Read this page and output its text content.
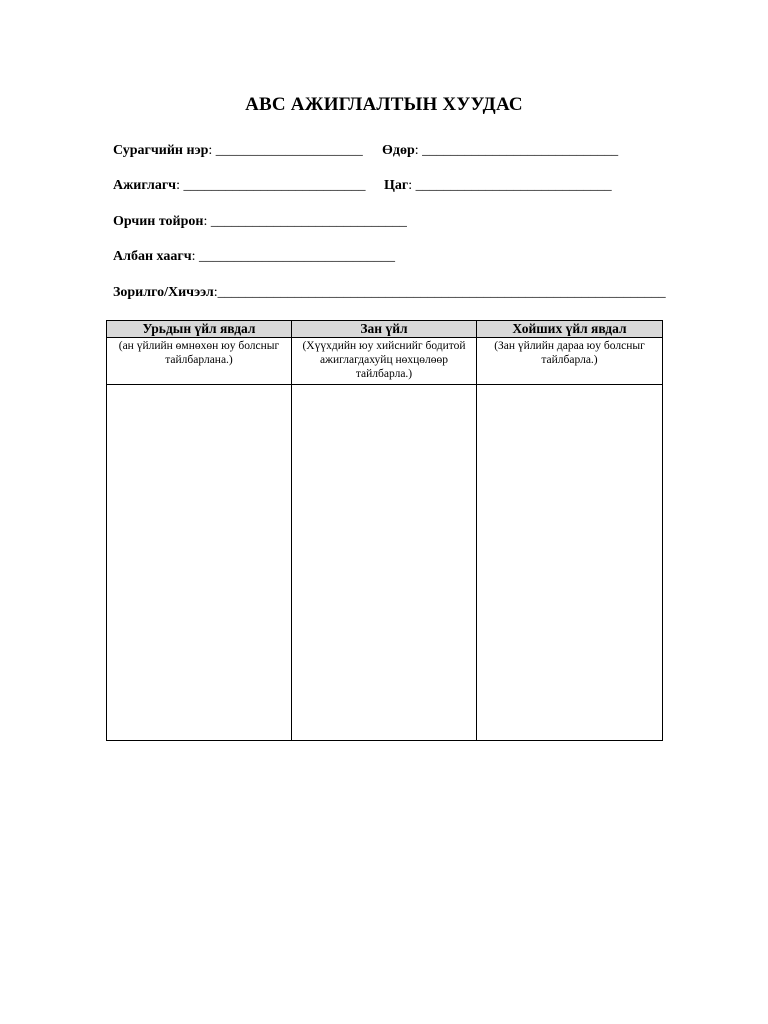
ABC АЖИГЛАЛТЫН ХУУДАС
Сурагчийн нэр: _____________________ Өдөр: ____________________________
Ажиглагч: __________________________ Цаг: ____________________________
Орчин тойрон: ____________________________
Албан хаагч: ____________________________
Зорилго/Хичээл:________________________________________________________________
Урьдын үйл явдал	Зан үйл	Хойших үйл явдал
(ан үйлийн өмнөхөн юу болсныг тайлбарлана.)	(Хүүхдийн юу хийснийг бодитой ажиглагдахуйц нөхцөлөөр тайлбарла.)	(Зан үйлийн дараа юу болсныг тайлбарла.)
